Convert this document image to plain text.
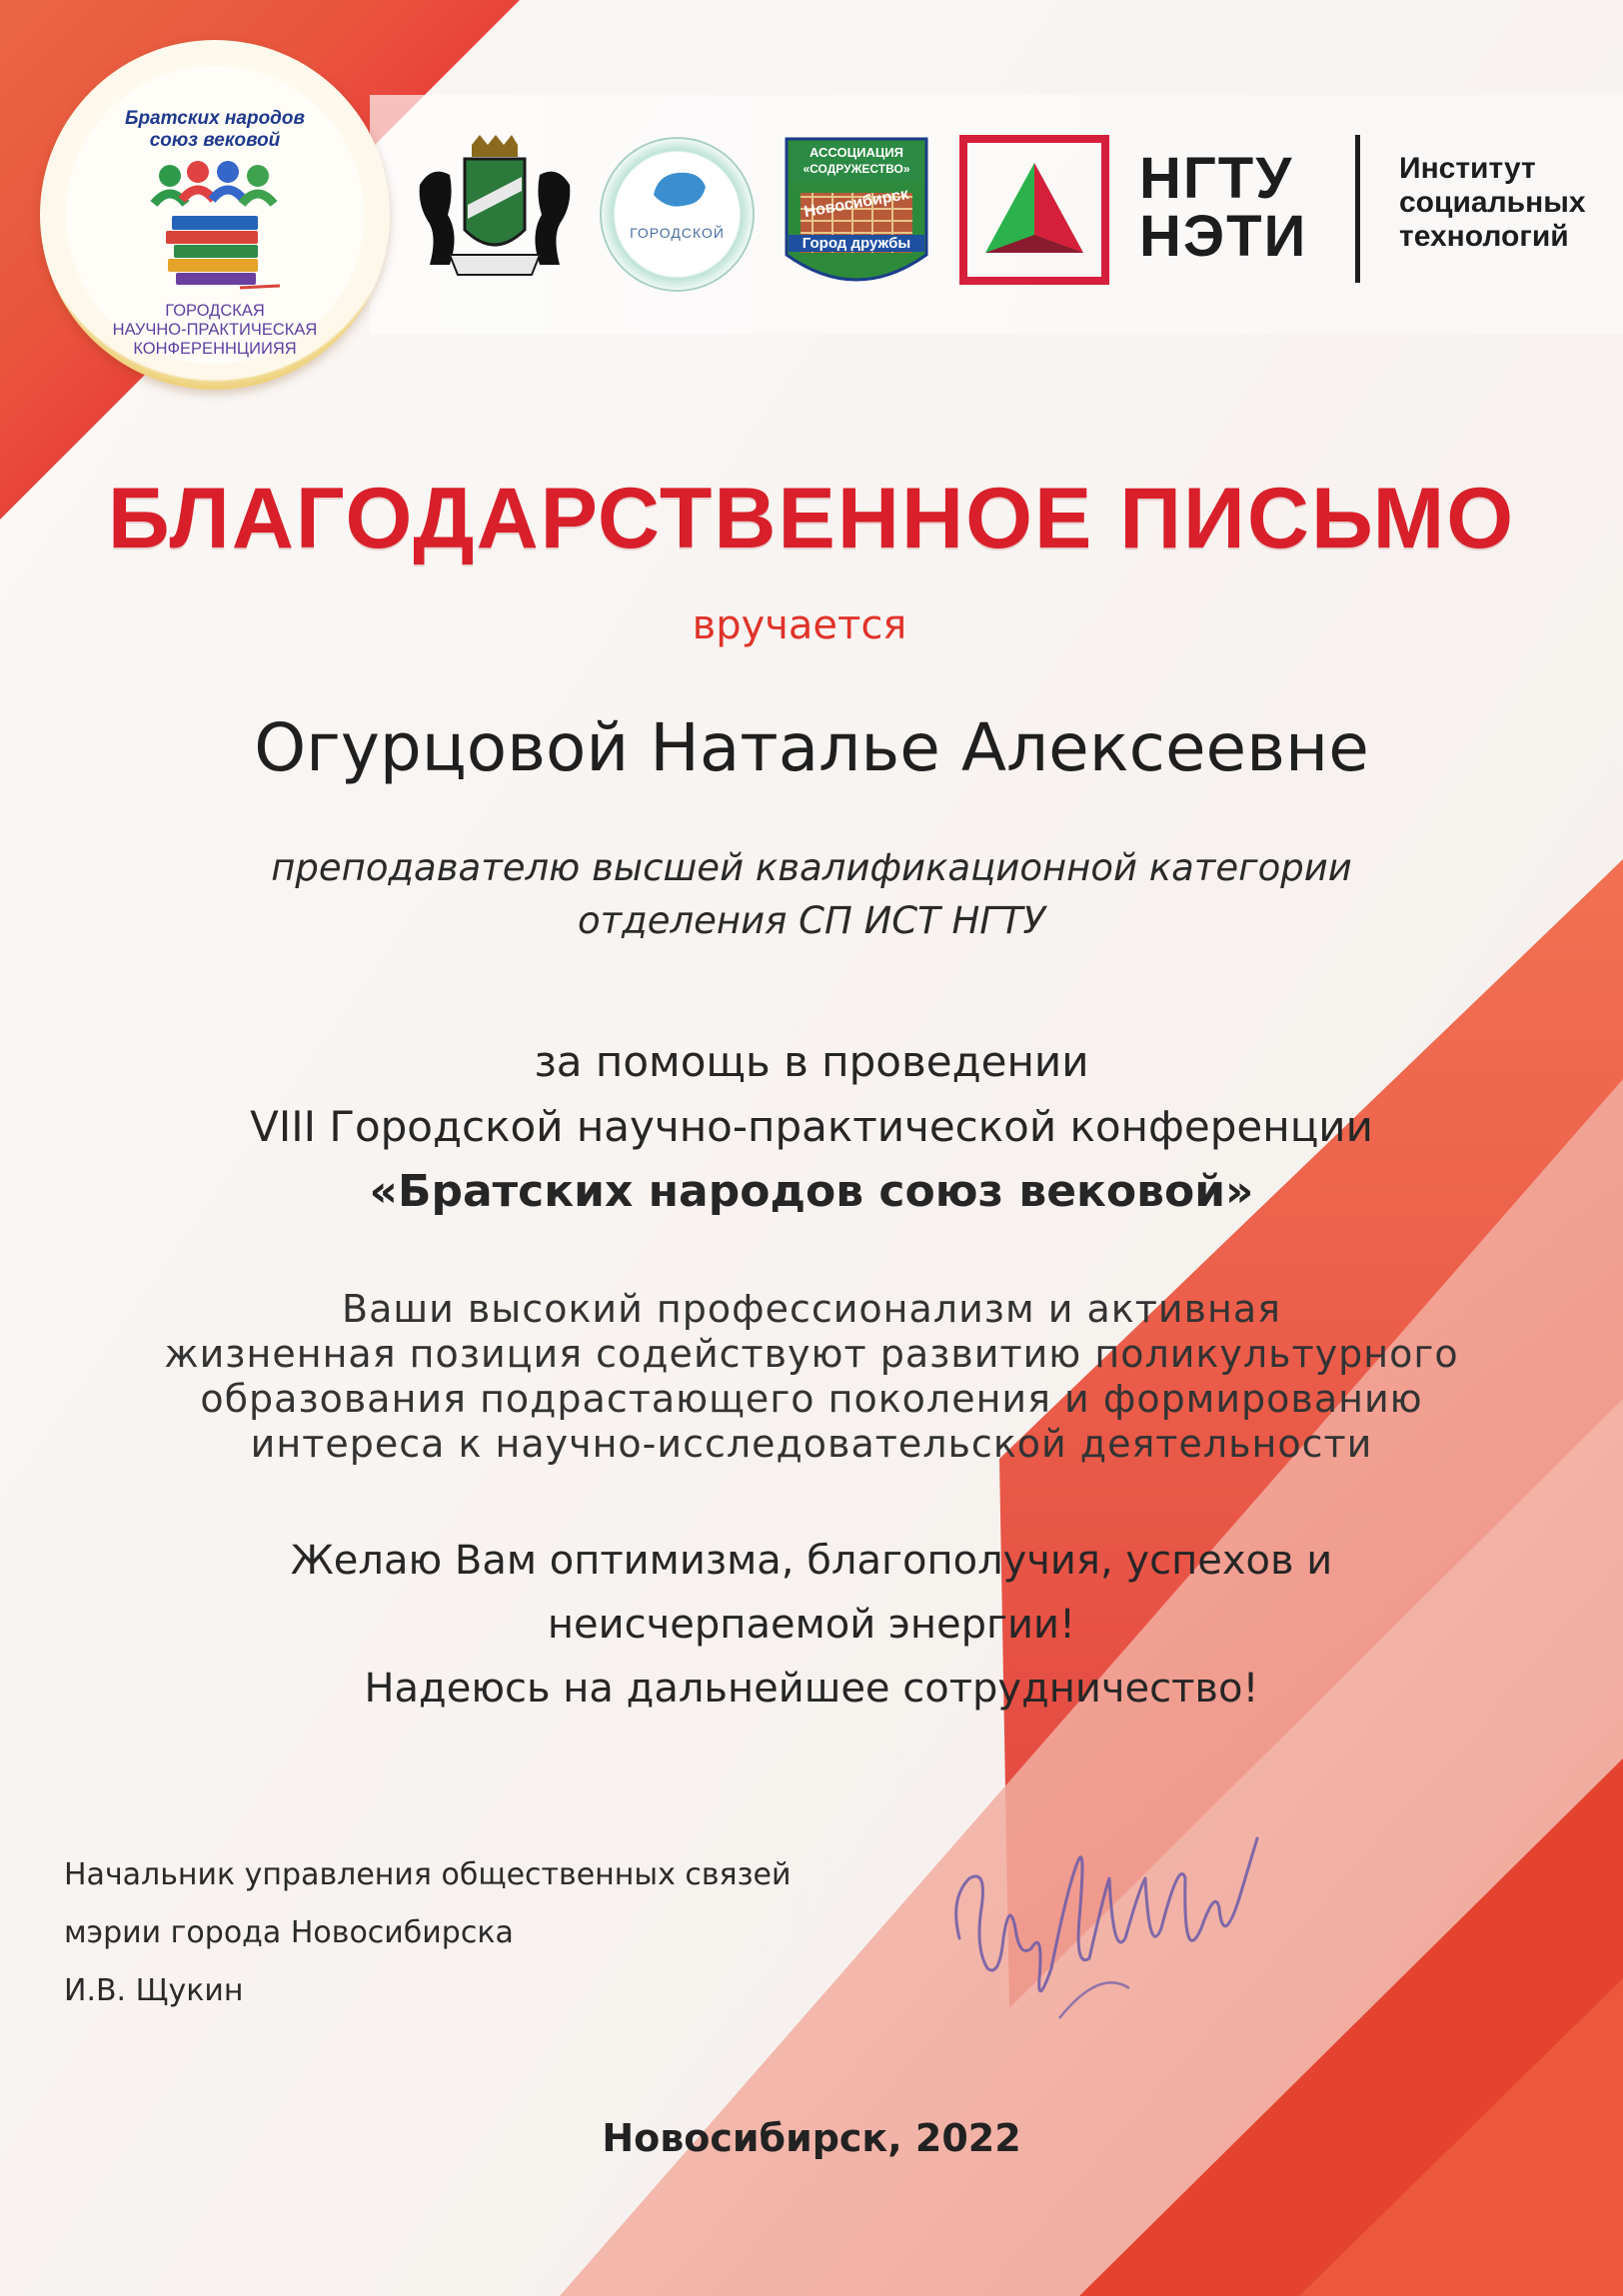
Братских народов
союз вековой
ГОРОДСКАЯ
НАУЧНО-ПРАКТИЧЕСКАЯ
КОНФЕРЕННЦИИЯЯ
ГОРОДСКОЙ
АССОЦИАЦИЯ
«СОДРУЖЕСТВО»
Новосибирск
Город дружбы
НГТУ
НЭТИ
Институт
социальных
технологий
БЛАГОДАРСТВЕННОЕ ПИСЬМО
вручается
Огурцовой Наталье Алексеевне
преподавателю высшей квалификационной категории
отделения СП ИСТ НГТУ
за помощь в проведении
VIII Городской научно-практической конференции
«Братских народов союз вековой»
Ваши высокий профессионализм и активная
жизненная позиция содействуют развитию поликультурного
образования подрастающего поколения и формированию
интереса к научно-исследовательской деятельности
Желаю Вам оптимизма, благополучия, успехов и
неисчерпаемой энергии!
Надеюсь на дальнейшее сотрудничество!
Начальник управления общественных связей
мэрии города Новосибирска
И.В. Щукин
Новосибирск, 2022
